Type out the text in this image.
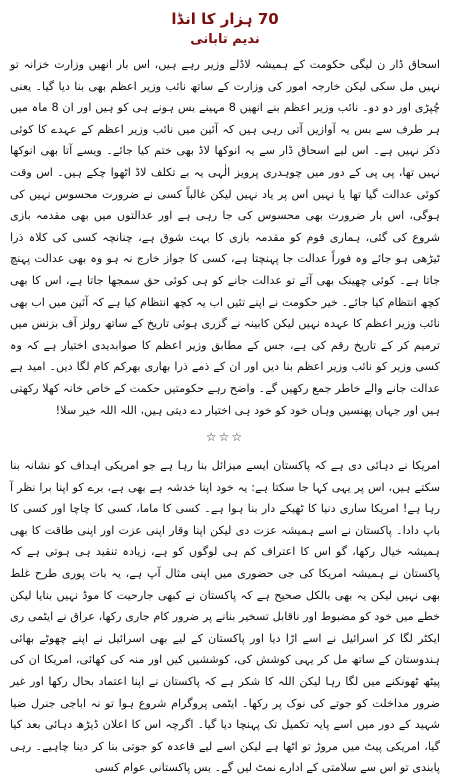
70 ہزار کا انڈا
ندیم تابانی

اسحاق ڈار ن لیگی حکومت کے ہمیشہ لاڈلے وزیر رہے ہیں، اس بار انھیں وزارت خزانہ تو نہیں مل سکی لیکن خارجہ امور کی وزارت کے ساتھ نائب وزیر اعظم بھی بنا دیا گیا۔ یعنی چُپڑی اور دو دو۔ نائب وزیر اعظم بنے انھیں 8 مہینے بس ہونے ہی کو ہیں اور ان 8 ماہ میں ہر طرف سے بس یہ آوازیں آتی رہی ہیں کہ آئین میں نائب وزیر اعظم کے عہدے کا کوئی ذکر نہیں ہے۔ اس لیے اسحاق ڈار سے یہ انوکھا لاڈ بھی ختم کیا جائے۔ ویسے آتا بھی انوکھا نہیں تھا، پی پی کے دور میں چوہدری پرویز الٰہی یہ بے تکلف لاڈ اٹھوا چکے ہیں۔ اس وقت کوئی عدالت گیا تھا یا نہیں اس پر یاد نہیں لیکن غالباً کسی نے ضرورت محسوس نہیں کی ہوگی، اس بار ضرورت بھی محسوس کی جا رہی ہے اور عدالتوں میں بھی مقدمہ بازی شروع کی گئی، ہماری قوم کو مقدمہ بازی کا بہت شوق ہے، چنانچہ کسی کی کلاہ ذرا ٹیڑھی ہو جائے وہ فوراً عدالت جا پہنچتا ہے، کسی کا جواز خارج نہ ہو وہ بھی عدالت پہنچ جاتا ہے۔ کوئی چھینک بھی آئے تو عدالت جانے کو ہی کوئی حق سمجھا جاتا ہے، اس کا بھی کچھ انتظام کیا جائے۔ خیر حکومت نے اپنے تئیں اب یہ کچھ انتظام کیا ہے کہ آئین میں اب بھی نائب وزیر اعظم کا عہدہ نہیں لیکن کابینہ نے گزری ہوئی تاریخ کے ساتھ رولز آف بزنس میں ترمیم کر کے تاریخ رقم کی ہے، جس کے مطابق وزیر اعظم کا صوابدیدی اختیار ہے کہ وہ کسی وزیر کو نائب وزیر اعظم بنا دیں اور ان کے ذمے ذرا بھاری بھرکم کام لگا دیں۔ امید ہے عدالت جانے والے خاطر جمع رکھیں گے۔ واضح رہے حکومتیں حکمت کے خاص خانہ کھلا رکھتی ہیں اور جہاں پھنسیں وہاں خود کو خود ہی اختیار دے دیتی ہیں، اللہ اللہ خیر سلا!

☆☆☆

امریکا نے دہائی دی ہے کہ پاکستان ایسے میزائل بنا رہا ہے جو امریکی اہداف کو نشانہ بنا سکتے ہیں، اس پر یہی کہا جا سکتا ہے: یہ خود اپنا خدشہ ہے بھی ہے، برے کو اپنا برا نظر آ رہا ہے! امریکا ساری دنیا کا ٹھیکے دار بنا ہوا ہے۔ کسی کا ماما، کسی کا چاچا اور کسی کا باپ دادا۔ پاکستان نے اسے ہمیشہ عزت دی لیکن اپنا وقار اپنی عزت اور اپنی طاقت کا بھی ہمیشہ خیال رکھا، گو اس کا اعتراف کم ہی لوگوں کو ہے، زیادہ تنقید ہی ہوتی ہے کہ پاکستان نے ہمیشہ امریکا کی جی حضوری میں اپنی مثال آپ ہے، یہ بات پوری طرح غلط بھی نہیں لیکن یہ بھی بالکل صحیح ہے کہ پاکستان نے کبھی جارحیت کا موڈ نہیں بنایا لیکن خطے میں خود کو مضبوط اور ناقابل تسخیر بنانے پر ضرور کام جاری رکھا، عراق نے ایٹمی ری ایکٹر لگا کر اسرائیل نے اسے اڑا دیا اور پاکستان کے لیے بھی اسرائیل نے اپنے چھوٹے بھائی ہندوستان کے ساتھ مل کر یہی کوشش کی، کوششیں کیں اور منہ کی کھائی، امریکا ان کی پیٹھ ٹھونکنے میں لگا رہا لیکن اللہ کا شکر ہے کہ پاکستان نے اپنا اعتماد بحال رکھا اور غیر ضرور مداخلت کو جوتے کی نوک پر رکھا۔ ایٹمی پروگرام شروع ہوا تو نہ اباجی جنرل ضیا شہید کے دور میں اسے پایہ تکمیل تک پہنچا دیا گیا۔ اگرچہ اس کا اعلان ڈیڑھ دہائی بعد کیا گیا، امریکی پیٹ میں مروڑ تو اٹھا ہے لیکن اسے لیے قاعدہ کو جوتی بنا کر دینا چاہیے۔ رہی پابندی تو اس سے سلامتی کے ادارے نمٹ لیں گے۔ بس پاکستانی عوام کسی
